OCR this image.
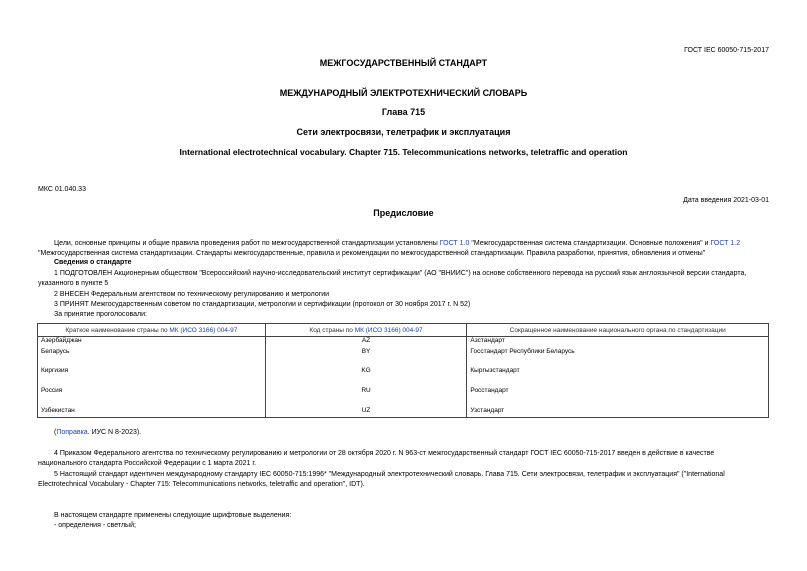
ГОСТ IEC 60050-715-2017
МЕЖГОСУДАРСТВЕННЫЙ СТАНДАРТ
МЕЖДУНАРОДНЫЙ ЭЛЕКТРОТЕХНИЧЕСКИЙ СЛОВАРЬ
Глава 715
Сети электросвязи, телетрафик и эксплуатация
International electrotechnical vocabulary. Chapter 715. Telecommunications networks, teletraffic and operation
МКС 01.040.33
Дата введения 2021-03-01
Предисловие
Цели, основные принципы и общие правила проведения работ по межгосударственной стандартизации установлены ГОСТ 1.0 "Межгосударственная система стандартизации. Основные положения" и ГОСТ 1.2
"Межгосударственная система стандартизации. Стандарты межгосударственные, правила и рекомендации по межгосударственной стандартизации. Правила разработки, принятия, обновления и отмены"
Сведения о стандарте
1 ПОДГОТОВЛЕН Акционерным обществом "Всероссийский научно-исследовательский институт сертификации" (АО "ВНИИС") на основе собственного перевода на русский язык англоязычной версии стандарта,
указанного в пункте 5
2 ВНЕСЕН Федеральным агентством по техническому регулированию и метрологии
3 ПРИНЯТ Межгосударственным советом по стандартизации, метрологии и сертификации (протокол от 30 ноября 2017 г. N 52)
За принятие проголосовали:
Краткое наименование страны по МК (ИСО 3166) 004-97	Код страны по МК (ИСО 3166) 004-97	Сокращенное наименование национального органа по стандартизации
Азербайджан	AZ	Азстандарт
Беларусь	BY	Госстандарт Республики Беларусь
Киргизия	KG	Кыргызстандарт
Россия	RU	Росстандарт
Узбекистан	UZ	Узстандарт
(Поправка. ИУС N 8-2023).
4 Приказом Федерального агентства по техническому регулированию и метрологии от 28 октября 2020 г. N 963-ст межгосударственный стандарт ГОСТ IEC 60050-715-2017 введен в действие в качестве
национального стандарта Российской Федерации с 1 марта 2021 г.
5 Настоящий стандарт идентичен международному стандарту IEC 60050-715:1996* "Международный электротехнический словарь. Глава 715. Сети электросвязи, телетрафик и эксплуатация" ("International
Electrotechnical Vocabulary - Chapter 715: Telecommunications networks, teletraffic and operation", IDT).
В настоящем стандарте применены следующие шрифтовые выделения:
- определения - светлый;
